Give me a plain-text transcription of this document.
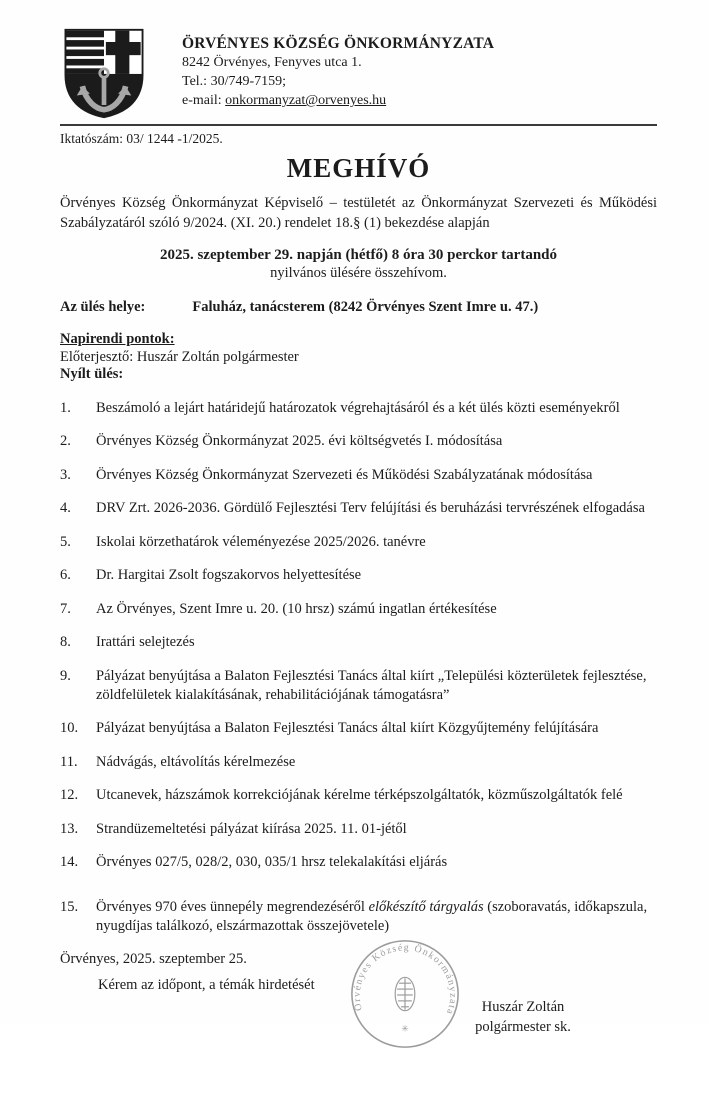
ÖRVÉNYES KÖZSÉG ÖNKORMÁNYZATA
8242 Örvényes, Fenyves utca 1.
Tel.: 30/749-7159;
e-mail: onkormanyzat@orvenyes.hu
Iktatószám: 03/ 1244 -1/2025.
MEGHÍVÓ
Örvényes Község Önkormányzat Képviselő – testületét az Önkormányzat Szervezeti és Működési Szabályzatáról szóló 9/2024. (XI. 20.) rendelet 18.§ (1) bekezdése alapján
2025. szeptember 29. napján (hétfő) 8 óra 30 perckor tartandó
nyilvános ülésére összehívom.
Az ülés helye:	Faluház, tanácsterem (8242 Örvényes Szent Imre u. 47.)
Napirendi pontok:
Előterjesztő: Huszár Zoltán polgármester
Nyílt ülés:
1.	Beszámoló a lejárt határidejű határozatok végrehajtásáról és a két ülés közti eseményekről
2.	Örvényes Község Önkormányzat 2025. évi költségvetés I. módosítása
3.	Örvényes Község Önkormányzat Szervezeti és Működési Szabályzatának módosítása
4.	DRV Zrt. 2026-2036. Gördülő Fejlesztési Terv felújítási és beruházási tervrészének elfogadása
5.	Iskolai körzethatárok véleményezése 2025/2026. tanévre
6.	Dr. Hargitai Zsolt fogszakorvos helyettesítése
7.	Az Örvényes, Szent Imre u. 20. (10 hrsz) számú ingatlan értékesítése
8.	Irattári selejtezés
9.	Pályázat benyújtása a Balaton Fejlesztési Tanács által kiírt „Települési közterületek fejlesztése, zöldfelületek kialakításának, rehabilitációjának támogatásra”
10.	Pályázat benyújtása a Balaton Fejlesztési Tanács által kiírt Közgyűjtemény felújítására
11.	Nádvágás, eltávolítás kérelmezése
12.	Utcanevek, házszámok korrekciójának kérelme térképszolgáltatók, közműszolgáltatók felé
13.	Strandüzemeltetési pályázat kiírása 2025. 11. 01-jétől
14.	Örvényes 027/5, 028/2, 030, 035/1 hrsz telekalakítási eljárás
15.	Örvényes 970 éves ünnepély megrendezéséről előkészítő tárgyalás (szoboravatás, időkapszula, nyugdíjas találkozó, elszármazottak összejövetele)
Örvényes, 2025. szeptember 25.
Kérem az időpont, a témák hirdetését
Örvényes Község Önkormányzata
✳
Huszár Zoltán
polgármester sk.
